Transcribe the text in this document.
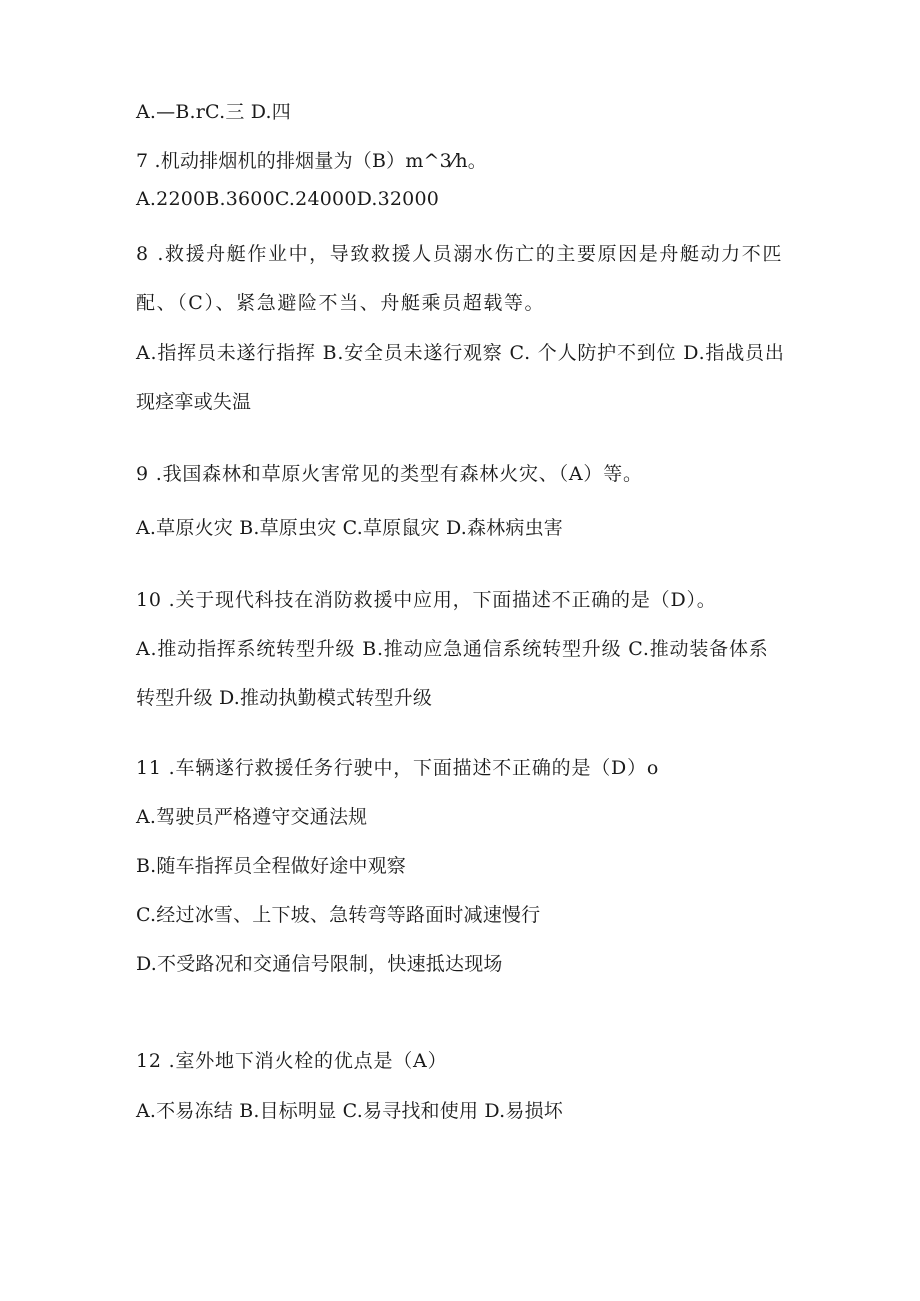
A.—B.rC.三 D.四
7 .机动排烟机的排烟量为（B）m^3⁄h。
A.2200B.3600C.24000D.32000
8 .救援舟艇作业中，导致救援人员溺水伤亡的主要原因是舟艇动力不匹
配、（C）、紧急避险不当、舟艇乘员超载等。
A.指挥员未遂行指挥 B.安全员未遂行观察 C. 个人防护不到位 D.指战员出
现痉挛或失温
9 .我国森林和草原火害常见的类型有森林火灾、（A）等。
A.草原火灾 B.草原虫灾 C.草原鼠灾 D.森林病虫害
10 .关于现代科技在消防救援中应用，下面描述不正确的是（D）。
A.推动指挥系统转型升级 B.推动应急通信系统转型升级 C.推动装备体系
转型升级 D.推动执勤模式转型升级
11 .车辆遂行救援任务行驶中，下面描述不正确的是（D）o
A.驾驶员严格遵守交通法规
B.随车指挥员全程做好途中观察
C.经过冰雪、上下坡、急转弯等路面时减速慢行
D.不受路况和交通信号限制，快速抵达现场
12 .室外地下消火栓的优点是（A）
A.不易冻结 B.目标明显 C.易寻找和使用 D.易损坏
